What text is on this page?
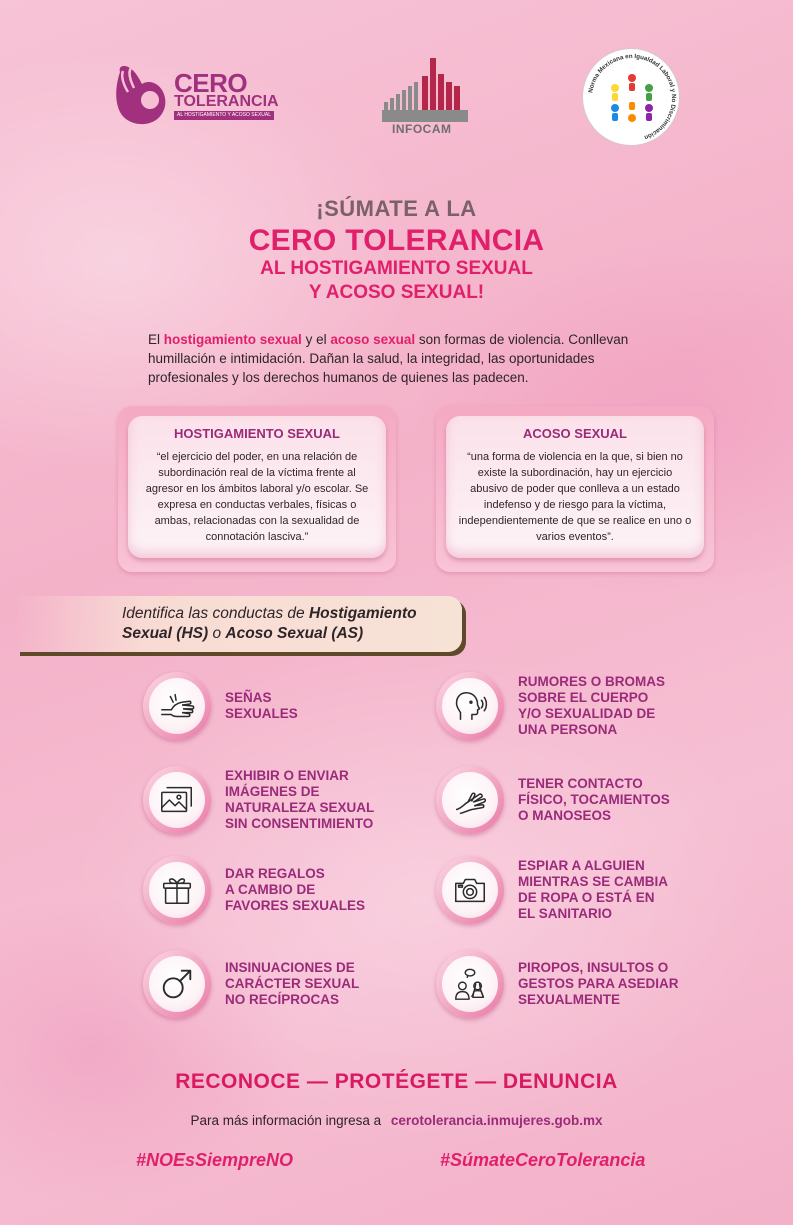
CERO
TOLERANCIA
AL HOSTIGAMIENTO Y ACOSO SEXUAL
INFOCAM
Norma Mexicana en Igualdad Laboral y No Discriminación
¡SÚMATE A LA
CERO TOLERANCIA
AL HOSTIGAMIENTO SEXUAL
Y ACOSO SEXUAL!

El hostigamiento sexual y el acoso sexual son formas de violencia. Conllevan humillación e intimidación. Dañan la salud, la integridad, las oportunidades profesionales y los derechos humanos de quienes las padecen.

HOSTIGAMIENTO SEXUAL
“el ejercicio del poder, en una relación de subordinación real de la víctima frente al agresor en los ámbitos laboral y/o escolar. Se expresa en conductas verbales, físicas o ambas, relacionadas con la sexualidad de connotación lasciva.”
ACOSO SEXUAL
“una forma de violencia en la que, si bien no existe la subordinación, hay un ejercicio abusivo de poder que conlleva a un estado indefenso y de riesgo para la víctima, independientemente de que se realice en uno o varios eventos”.
Identifica las conductas de Hostigamiento Sexual (HS) o Acoso Sexual (AS)
SEÑAS
SEXUALES
RUMORES O BROMAS
SOBRE EL CUERPO
Y/O SEXUALIDAD DE
UNA PERSONA
EXHIBIR O ENVIAR
IMÁGENES DE
NATURALEZA SEXUAL
SIN CONSENTIMIENTO
TENER CONTACTO
FÍSICO, TOCAMIENTOS
O MANOSEOS
DAR REGALOS
A CAMBIO DE
FAVORES SEXUALES
ESPIAR A ALGUIEN
MIENTRAS SE CAMBIA
DE ROPA O ESTÁ EN
EL SANITARIO
INSINUACIONES DE
CARÁCTER SEXUAL
NO RECÍPROCAS
PIROPOS, INSULTOS O
GESTOS PARA ASEDIAR
SEXUALMENTE
RECONOCE — PROTÉGETE — DENUNCIA
Para más información ingresa a cerotolerancia.inmujeres.gob.mx
#NOEsSiempreNO	#SúmateCeroTolerancia
